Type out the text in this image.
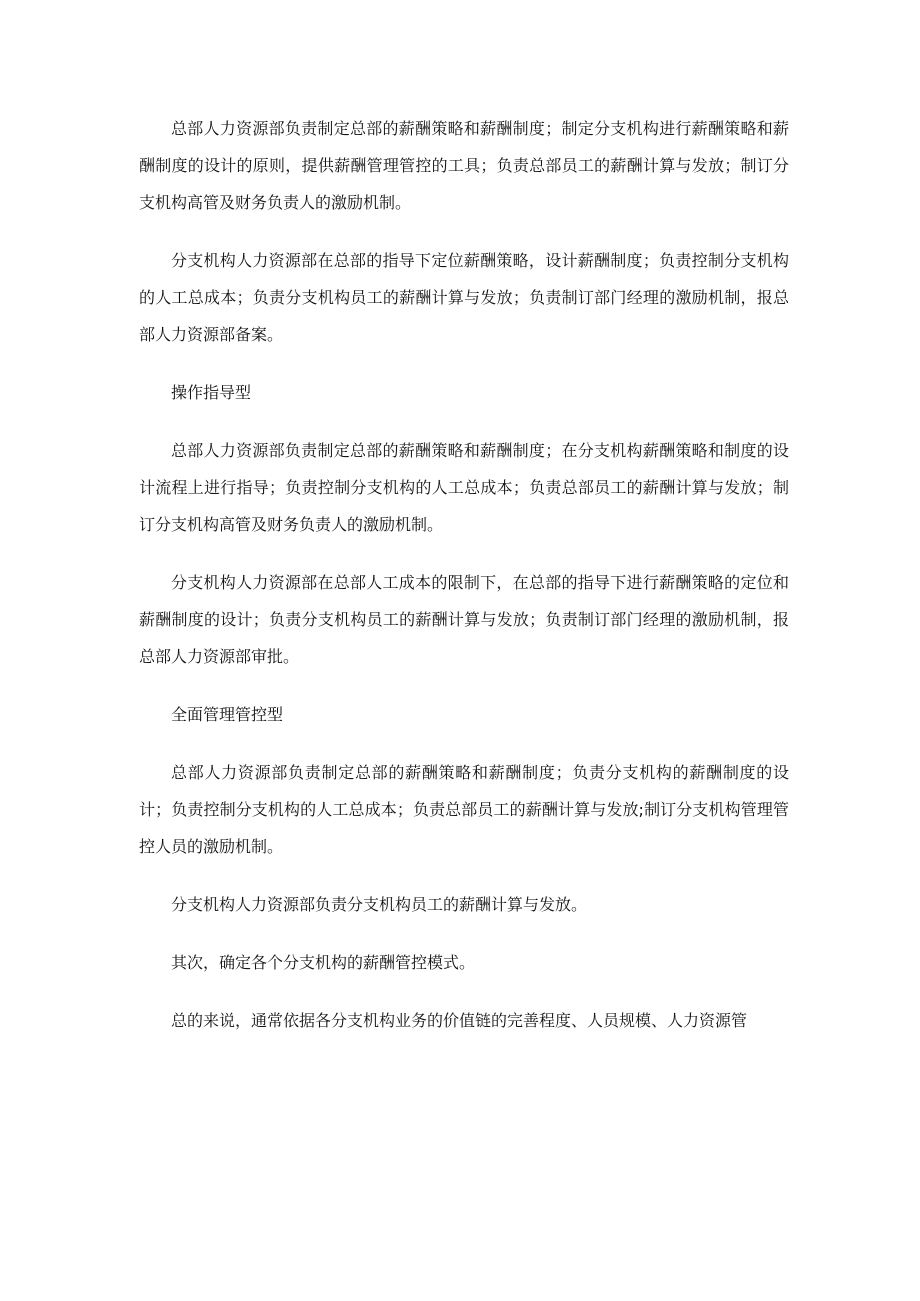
总部人力资源部负责制定总部的薪酬策略和薪酬制度；制定分支机构进行薪酬策略和薪酬制度的设计的原则，提供薪酬管理管控的工具；负责总部员工的薪酬计算与发放；制订分支机构高管及财务负责人的激励机制。

分支机构人力资源部在总部的指导下定位薪酬策略，设计薪酬制度；负责控制分支机构的人工总成本；负责分支机构员工的薪酬计算与发放；负责制订部门经理的激励机制，报总部人力资源部备案。

操作指导型

总部人力资源部负责制定总部的薪酬策略和薪酬制度；在分支机构薪酬策略和制度的设计流程上进行指导；负责控制分支机构的人工总成本；负责总部员工的薪酬计算与发放；制订分支机构高管及财务负责人的激励机制。

分支机构人力资源部在总部人工成本的限制下，在总部的指导下进行薪酬策略的定位和薪酬制度的设计；负责分支机构员工的薪酬计算与发放；负责制订部门经理的激励机制，报总部人力资源部审批。

全面管理管控型

总部人力资源部负责制定总部的薪酬策略和薪酬制度；负责分支机构的薪酬制度的设计；负责控制分支机构的人工总成本；负责总部员工的薪酬计算与发放;制订分支机构管理管控人员的激励机制。

分支机构人力资源部负责分支机构员工的薪酬计算与发放。

其次，确定各个分支机构的薪酬管控模式。

总的来说，通常依据各分支机构业务的价值链的完善程度、人员规模、人力资源管
